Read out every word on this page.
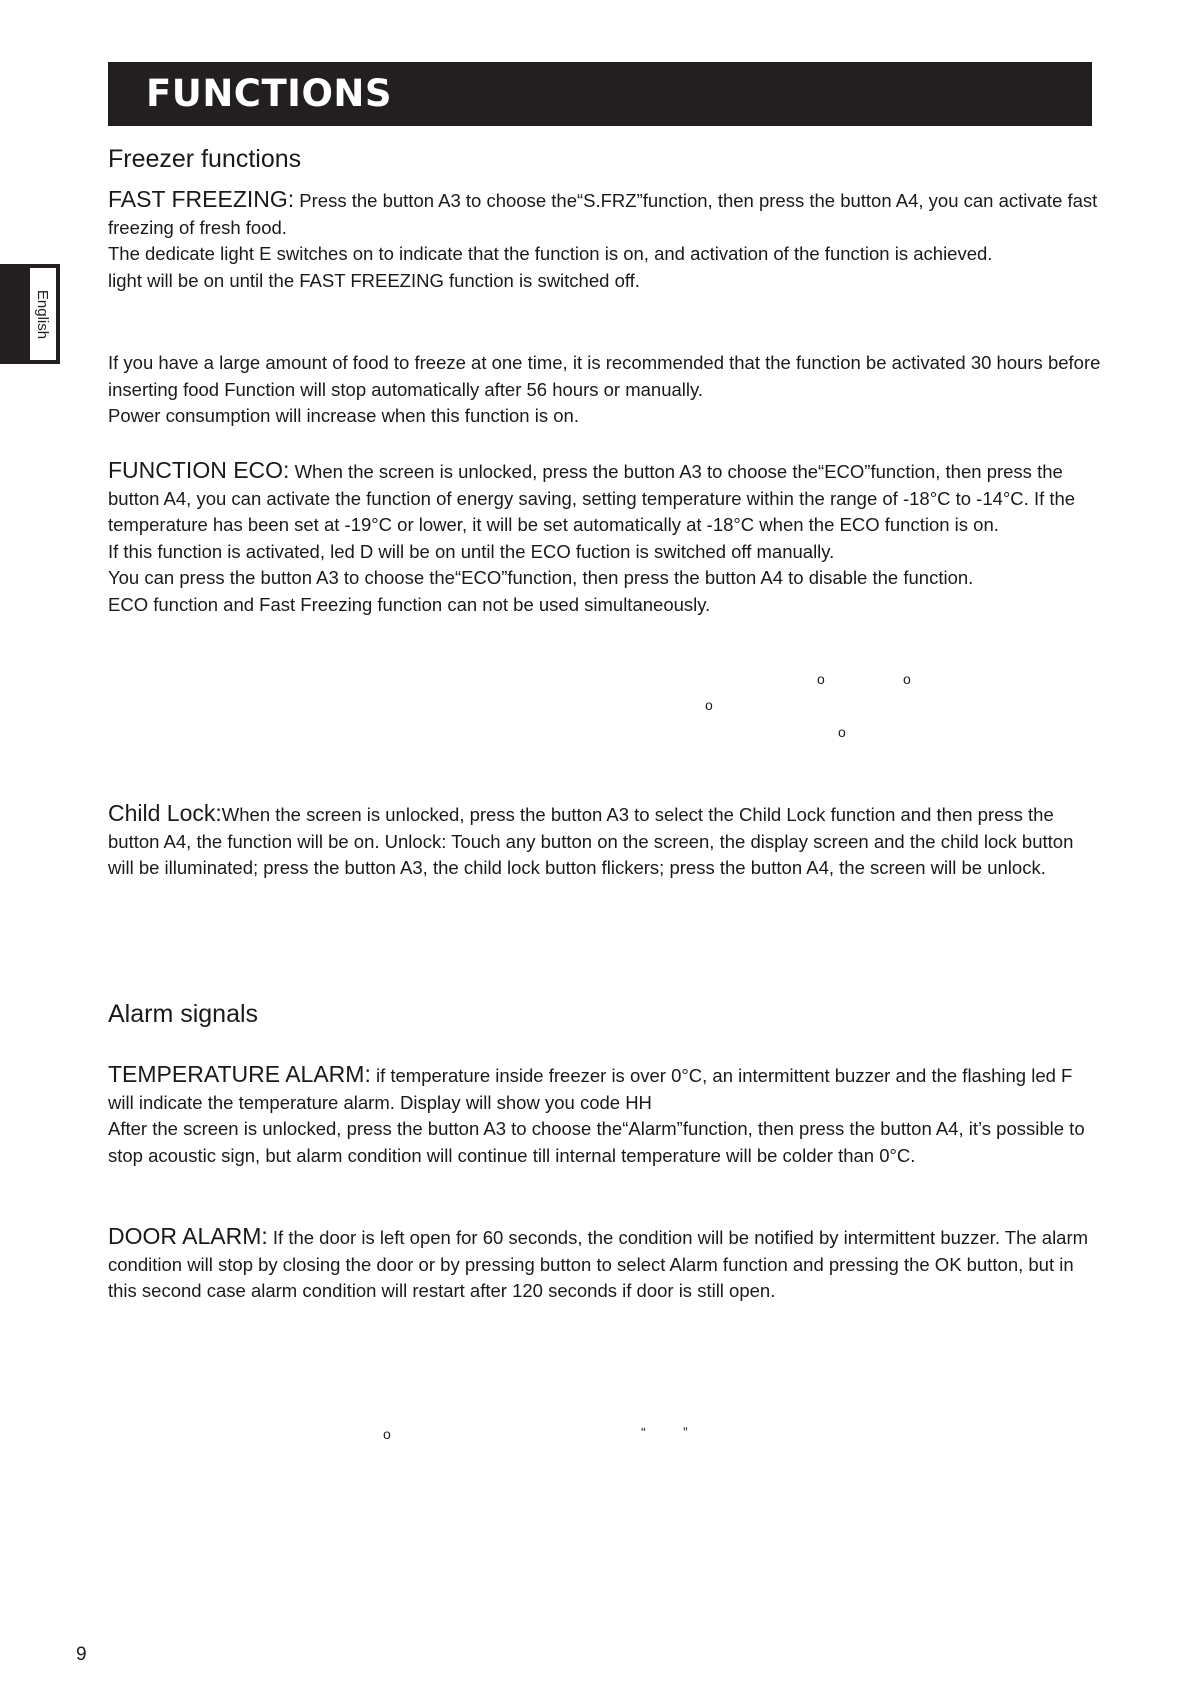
FUNCTIONS
English
Freezer functions

FAST FREEZING: Press the button A3 to choose the“S.FRZ”function, then press the button A4, you can activate fast freezing of fresh food.
The dedicate light E switches on to indicate that the function is on, and activation of the function is achieved.
light will be on until the FAST FREEZING function is switched off.

If you have a large amount of food to freeze at one time, it is recommended that the function be activated 30 hours before inserting food Function will stop automatically after 56 hours or manually.
Power consumption will increase when this function is on.

FUNCTION ECO: When the screen is unlocked, press the button A3 to choose the“ECO”function, then press the button A4, you can activate the function of energy saving, setting temperature within the range of -18°C to -14°C. If the temperature has been set at -19°C or lower, it will be set automatically at -18°C when the ECO function is on.
If this function is activated, led D will be on until the ECO fuction is switched off manually.
You can press the button A3 to choose the“ECO”function, then press the button A4 to disable the function.
ECO function and Fast Freezing function can not be used simultaneously.

o	o
o
o

Child Lock:When the screen is unlocked, press the button A3 to select the Child Lock function and then press the button A4, the function will be on. Unlock: Touch any button on the screen, the display screen and the child lock button will be illuminated; press the button A3, the child lock button flickers; press the button A4, the screen will be unlock.

Alarm signals

TEMPERATURE ALARM: if temperature inside freezer is over 0°C, an intermittent buzzer and the flashing led F will indicate the temperature alarm. Display will show you code HH
After the screen is unlocked, press the button A3 to choose the“Alarm”function, then press the button A4, it’s possible to stop acoustic sign, but alarm condition will continue till internal temperature will be colder than 0°C.

DOOR ALARM: If the door is left open for 60 seconds, the condition will be notified by intermittent buzzer. The alarm condition will stop by closing the door or by pressing button to select Alarm function and pressing the OK button, but in this second case alarm condition will restart after 120 seconds if door is still open.

o	“	”
9
